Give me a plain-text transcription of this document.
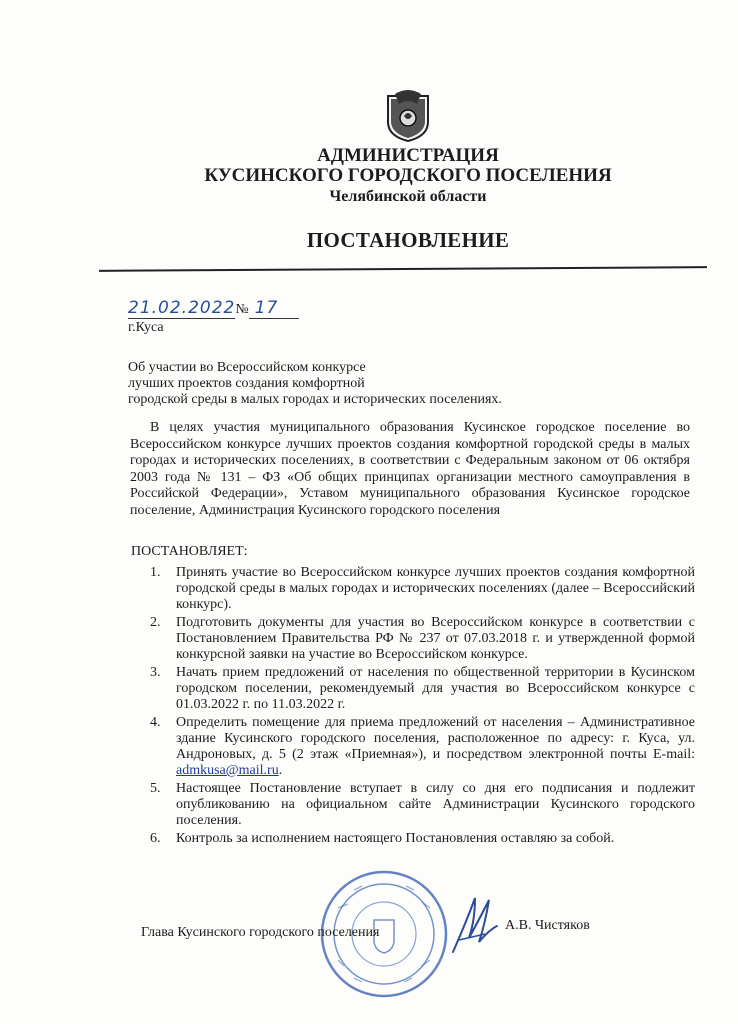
АДМИНИСТРАЦИЯ
КУСИНСКОГО ГОРОДСКОГО ПОСЕЛЕНИЯ
Челябинской области
ПОСТАНОВЛЕНИЕ
21.02.2022№ 17
г.Куса
Об участии во Всероссийском конкурсе
лучших проектов создания комфортной
городской среды в малых городах и исторических поселениях.
В целях участия муниципального образования Кусинское городское поселение во Всероссийском конкурсе лучших проектов создания комфортной городской среды в малых городах и исторических поселениях, в соответствии с Федеральным законом от 06 октября 2003 года № 131 – ФЗ «Об общих принципах организации местного самоуправления в Российской Федерации», Уставом муниципального образования Кусинское городское поселение, Администрация Кусинского городского поселения
ПОСТАНОВЛЯЕТ:
1. Принять участие во Всероссийском конкурсе лучших проектов создания комфортной городской среды в малых городах и исторических поселениях (далее – Всероссийский конкурс).
2. Подготовить документы для участия во Всероссийском конкурсе в соответствии с Постановлением Правительства РФ № 237 от 07.03.2018 г. и утвержденной формой конкурсной заявки на участие во Всероссийском конкурсе.
3. Начать прием предложений от населения по общественной территории в Кусинском городском поселении, рекомендуемый для участия во Всероссийском конкурсе с 01.03.2022 г. по 11.03.2022 г.
4. Определить помещение для приема предложений от населения – Административное здание Кусинского городского поселения, расположенное по адресу: г. Куса, ул. Андроновых, д. 5 (2 этаж «Приемная»), и посредством электронной почты E-mail: admkusa@mail.ru.
5. Настоящее Постановление вступает в силу со дня его подписания и подлежит опубликованию на официальном сайте Администрации Кусинского городского поселения.
6. Контроль за исполнением настоящего Постановления оставляю за собой.
Глава Кусинского городского поселения	А.В. Чистяков
